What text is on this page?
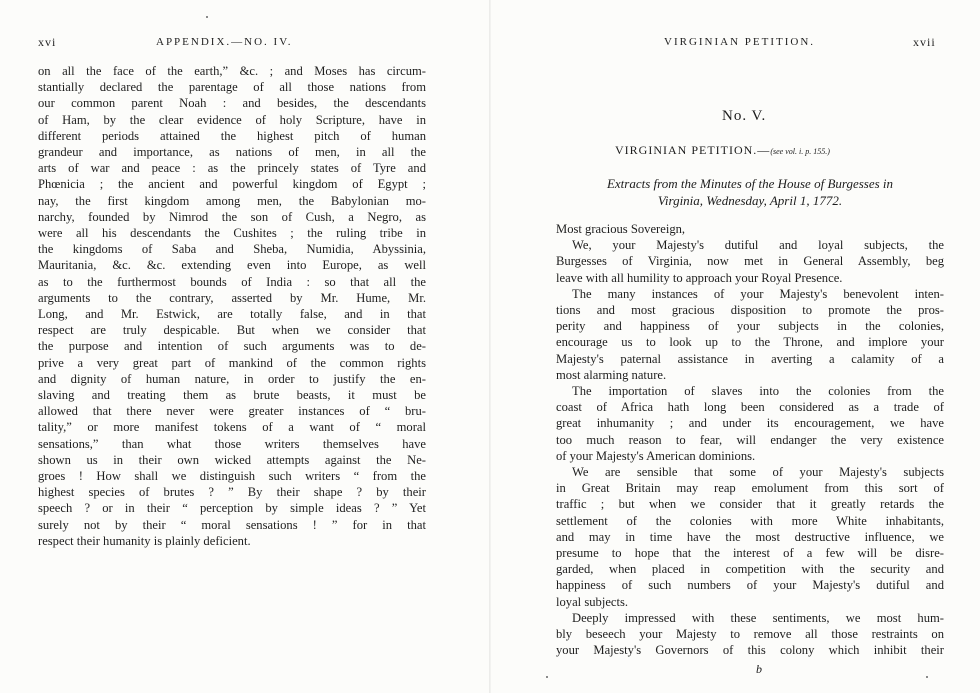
xvi	APPENDIX.—NO. IV.
on all the face of the earth,” &c. ; and Moses has circum-
stantially declared the parentage of all those nations from
our common parent Noah : and besides, the descendants
of Ham, by the clear evidence of holy Scripture, have in
different periods attained the highest pitch of human
grandeur and importance, as nations of men, in all the
arts of war and peace : as the princely states of Tyre and
Phœnicia ; the ancient and powerful kingdom of Egypt ;
nay, the first kingdom among men, the Babylonian mo-
narchy, founded by Nimrod the son of Cush, a Negro, as
were all his descendants the Cushites ; the ruling tribe in
the kingdoms of Saba and Sheba, Numidia, Abyssinia,
Mauritania, &c. &c. extending even into Europe, as well
as to the furthermost bounds of India : so that all the
arguments to the contrary, asserted by Mr. Hume, Mr.
Long, and Mr. Estwick, are totally false, and in that
respect are truly despicable. But when we consider that
the purpose and intention of such arguments was to de-
prive a very great part of mankind of the common rights
and dignity of human nature, in order to justify the en-
slaving and treating them as brute beasts, it must be
allowed that there never were greater instances of “ bru-
tality,” or more manifest tokens of a want of “ moral
sensations,” than what those writers themselves have
shown us in their own wicked attempts against the Ne-
groes ! How shall we distinguish such writers “ from the
highest species of brutes ? ” By their shape ? by their
speech ? or in their “ perception by simple ideas ? ” Yet
surely not by their “ moral sensations ! ” for in that
respect their humanity is plainly deficient.
VIRGINIAN PETITION.	xvii
No. V.
VIRGINIAN PETITION.—(see vol. i. p. 155.)
Extracts from the Minutes of the House of Burgesses in
Virginia, Wednesday, April 1, 1772.
Most gracious Sovereign,
We, your Majesty's dutiful and loyal subjects, the
Burgesses of Virginia, now met in General Assembly, beg
leave with all humility to approach your Royal Presence.
The many instances of your Majesty's benevolent inten-
tions and most gracious disposition to promote the pros-
perity and happiness of your subjects in the colonies,
encourage us to look up to the Throne, and implore your
Majesty's paternal assistance in averting a calamity of a
most alarming nature.
The importation of slaves into the colonies from the
coast of Africa hath long been considered as a trade of
great inhumanity ; and under its encouragement, we have
too much reason to fear, will endanger the very existence
of your Majesty's American dominions.
We are sensible that some of your Majesty's subjects
in Great Britain may reap emolument from this sort of
traffic ; but when we consider that it greatly retards the
settlement of the colonies with more White inhabitants,
and may in time have the most destructive influence, we
presume to hope that the interest of a few will be disre-
garded, when placed in competition with the security and
happiness of such numbers of your Majesty's dutiful and
loyal subjects.
Deeply impressed with these sentiments, we most hum-
bly beseech your Majesty to remove all those restraints on
your Majesty's Governors of this colony which inhibit their
b
